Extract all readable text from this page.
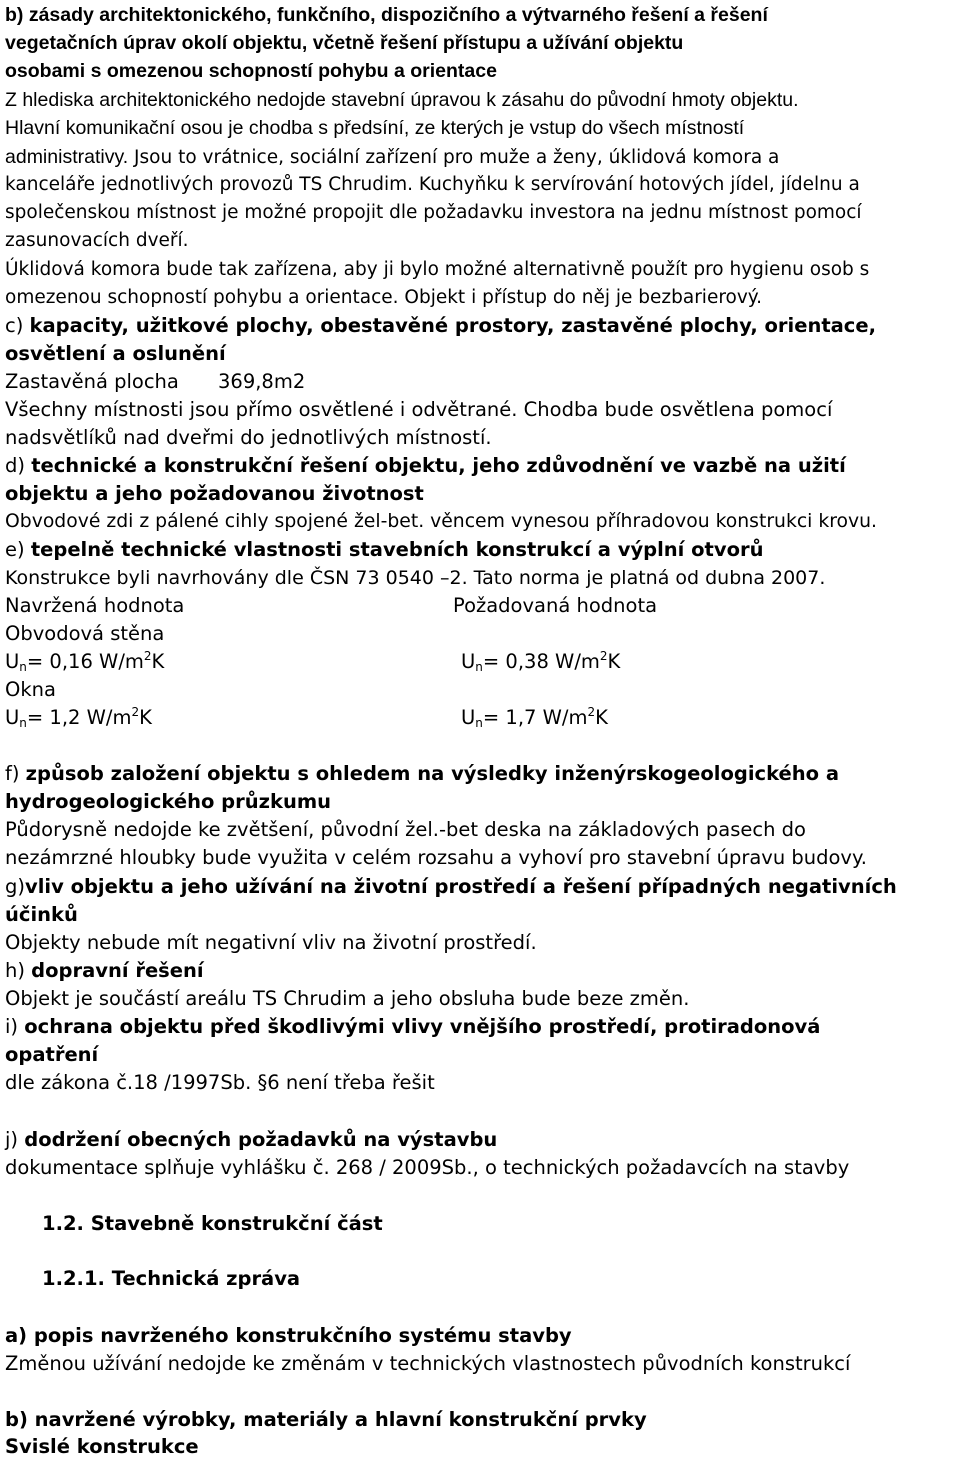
b) zásady architektonického, funkčního, dispozičního a výtvarného řešení a řešení
vegetačních úprav okolí objektu, včetně řešení přístupu a užívání objektu
osobami s omezenou schopností pohybu a orientace
Z hlediska architektonického nedojde stavební úpravou k zásahu do původní hmoty objektu.
Hlavní komunikační osou je chodba s předsíní, ze kterých je vstup do všech místností
administrativy. Jsou to vrátnice, sociální zařízení pro muže a ženy, úklidová komora a
kanceláře jednotlivých provozů TS Chrudim. Kuchyňku k servírování hotových jídel, jídelnu a
společenskou místnost je možné propojit dle požadavku investora na jednu místnost pomocí
zasunovacích dveří.
Úklidová komora bude tak zařízena, aby ji bylo možné alternativně použít pro hygienu osob s
omezenou schopností pohybu a orientace. Objekt i přístup do něj je bezbarierový.
c) kapacity, užitkové plochy, obestavěné prostory, zastavěné plochy, orientace,
osvětlení a oslunění
Zastavěná plocha 369,8m2
Všechny místnosti jsou přímo osvětlené i odvětrané. Chodba bude osvětlena pomocí
nadsvětlíků nad dveřmi do jednotlivých místností.
d) technické a konstrukční řešení objektu, jeho zdůvodnění ve vazbě na užití
objektu a jeho požadovanou životnost
Obvodové zdi z pálené cihly spojené žel-bet. věncem vynesou příhradovou konstrukci krovu.
e) tepelně technické vlastnosti stavebních konstrukcí a výplní otvorů
Konstrukce byli navrhovány dle ČSN 73 0540 –2. Tato norma je platná od dubna 2007.
Navržená hodnota	Požadovaná hodnota
Obvodová stěna
$U_n= 0,16$ $W/m^2K$	$U_n= 0,38$ $W/m^2K$
Okna
$U_n= 1,2$ $W/m^2K$	$U_n= 1,7$ $W/m^2K$
f) způsob založení objektu s ohledem na výsledky inženýrskogeologického a
hydrogeologického průzkumu
Půdorysně nedojde ke zvětšení, původní žel.-bet deska na základových pasech do
nezámrzné hloubky bude využita v celém rozsahu a vyhoví pro stavební úpravu budovy.
g)vliv objektu a jeho užívání na životní prostředí a řešení případných negativních
účinků
Objekty nebude mít negativní vliv na životní prostředí.
h) dopravní řešení
Objekt je součástí areálu TS Chrudim a jeho obsluha bude beze změn.
i) ochrana objektu před škodlivými vlivy vnějšího prostředí, protiradonová
opatření
dle zákona č.18 /1997Sb. §6 není třeba řešit
j) dodržení obecných požadavků na výstavbu
dokumentace splňuje vyhlášku č. 268 / 2009Sb., o technických požadavcích na stavby
1.2. Stavebně konstrukční část
1.2.1. Technická zpráva
a) popis navrženého konstrukčního systému stavby
Změnou užívání nedojde ke změnám v technických vlastnostech původních konstrukcí
b) navržené výrobky, materiály a hlavní konstrukční prvky
Svislé konstrukce
